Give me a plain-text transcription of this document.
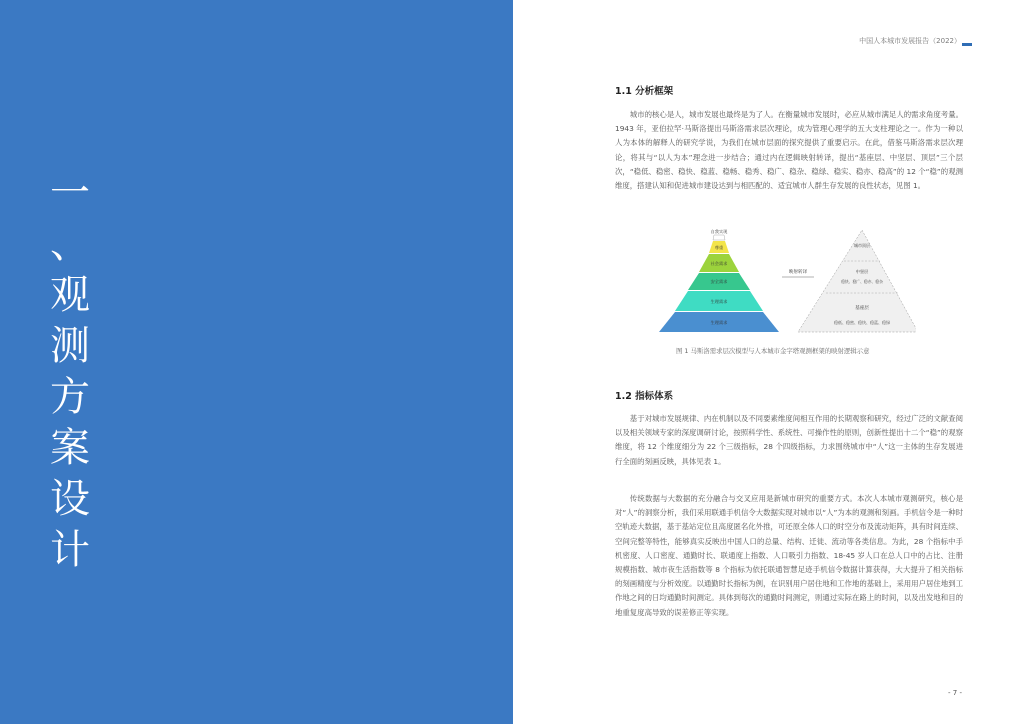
一
、
观
测
方
案
设
计
中国人本城市发展报告（2022）
1.1 分析框架

城市的核心是人，城市发展也最终是为了人。在衡量城市发展时，必应从城市满足人的需求角度考量。1943 年，亚伯拉罕·马斯洛提出马斯洛需求层次理论，成为管理心理学的五大支柱理论之一。作为一种以人为本体的解释人的研究学说，为我们在城市层面的探究提供了重要启示。在此，借鉴马斯洛需求层次理论，将其与“以人为本”理念进一步结合；通过内在逻辑映射转译，提出“基座层、中坚层、顶层”三个层次，“稳低、稳密、稳快、稳蓝、稳畅、稳秀、稳广、稳杂、稳绿、稳实、稳亦、稳高”的 12 个“稳”的观测维度，搭建认知和促进城市建设达到与相匹配的、适宜城市人群生存发展的良性状态，见图 1。

自我实现
尊重
社会需求
安全需求
生理需求
生理需求
映射转译
城市顶层
中坚层
稳快、稳广、稳亦、稳杂
基座层
稳低、稳密、稳快、稳蓝、稳绿
图 1 马斯洛需求层次模型与人本城市金字塔观测框架的映射逻辑示意
1.2 指标体系

基于对城市发展规律、内在机制以及不同要素维度间相互作用的长期观察和研究，经过广泛的文献查阅以及相关领域专家的深度调研讨论，按照科学性、系统性、可操作性的原则，创新性提出十二个“稳”的观察维度，将 12 个维度细分为 22 个三级指标，28 个四级指标，力求围绕城市中“人”这一主体的生存发展进行全面的刻画反映，具体见表 1。

传统数据与大数据的充分融合与交叉应用是新城市研究的重要方式。本次人本城市观测研究，核心是对“人”的洞察分析，我们采用联通手机信令大数据实现对城市以“人”为本的观测和刻画。手机信令是一种时空轨迹大数据，基于基站定位且高度匿名化外推，可还原全体人口的时空分布及流动矩阵，具有时间连续、空间完整等特性，能够真实反映出中国人口的总量、结构、迁徙、流动等各类信息。为此，28 个指标中手机密度、人口密度、通勤时长、联通度上指数、人口吸引力指数、18-45 岁人口在总人口中的占比、注册规模指数、城市夜生活指数等 8 个指标为依托联通智慧足迹手机信令数据计算获得，大大提升了相关指标的刻画精度与分析效度。以通勤时长指标为例，在识别用户居住地和工作地的基础上，采用用户居住地到工作地之间的日均通勤时间测定。具体到每次的通勤时间测定，则通过实际在路上的时间，以及出发地和目的地重复度高导致的误差修正等实现。

- 7 -
